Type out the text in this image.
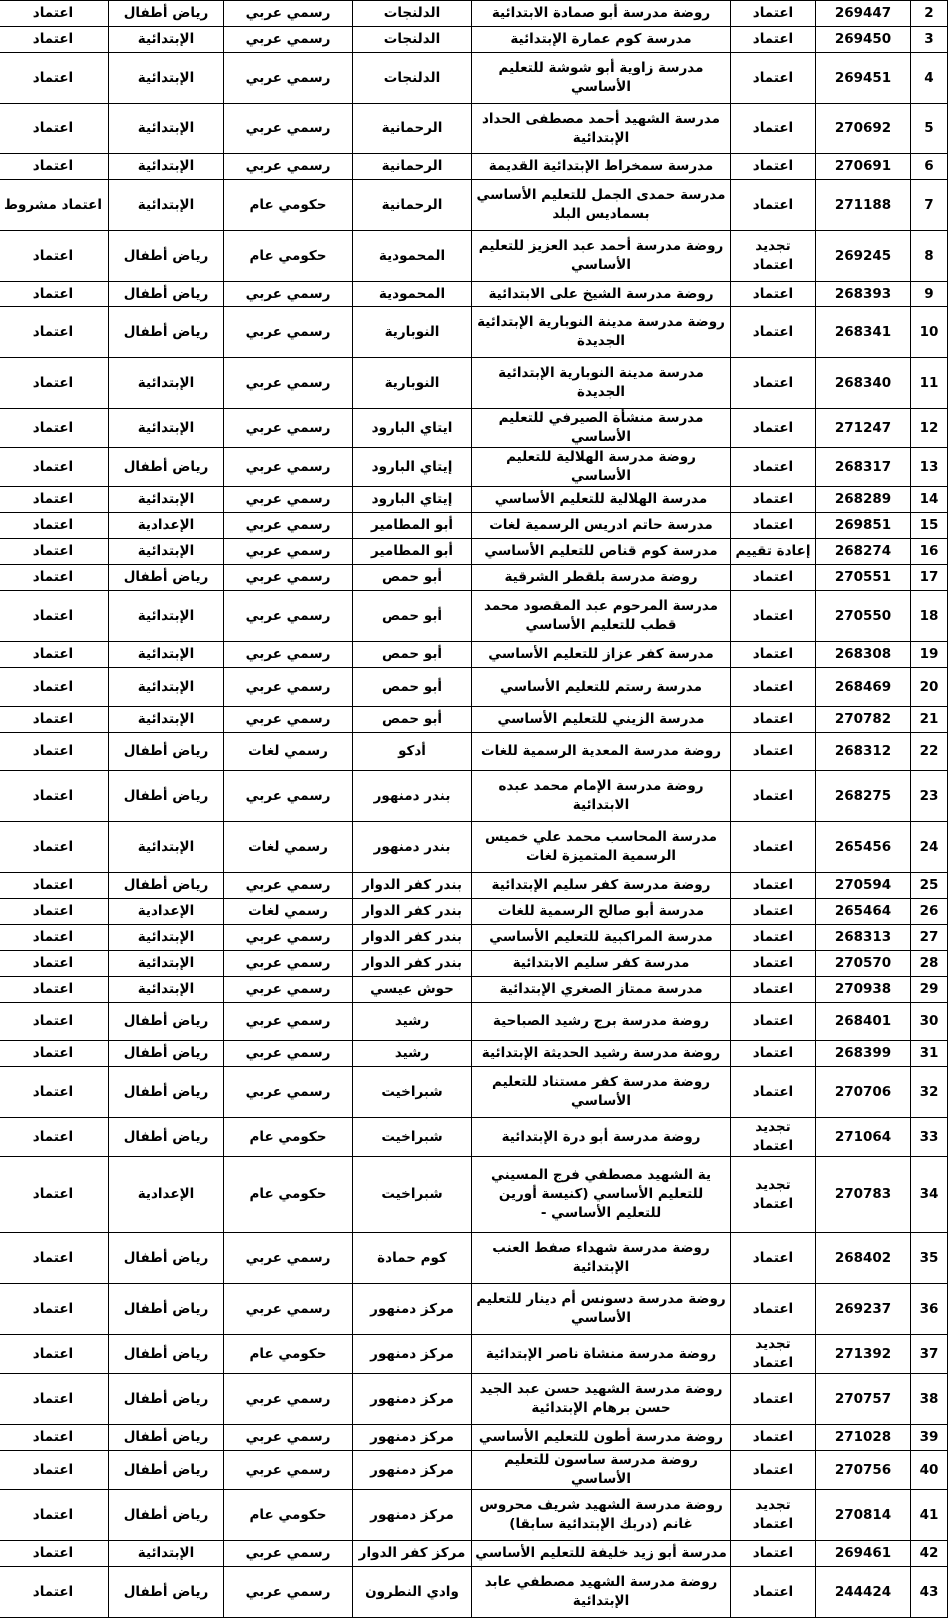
2	269447	اعتماد	روضة مدرسة أبو صمادة الابتدائية	الدلنجات	رسمي عربي	رياض أطفال	اعتماد
3	269450	اعتماد	مدرسة كوم عمارة الإبتدائية	الدلنجات	رسمي عربي	الإبتدائية	اعتماد
4	269451	اعتماد	مدرسة زاوية أبو شوشة للتعليم الأساسي	الدلنجات	رسمي عربي	الإبتدائية	اعتماد
5	270692	اعتماد	مدرسة الشهيد أحمد مصطفى الحداد الإبتدائية	الرحمانية	رسمي عربي	الإبتدائية	اعتماد
6	270691	اعتماد	مدرسة سمخراط الإبتدائية القديمة	الرحمانية	رسمي عربي	الإبتدائية	اعتماد
7	271188	اعتماد	مدرسة حمدى الجمل للتعليم الأساسي بسماديس البلد	الرحمانية	حكومي عام	الإبتدائية	اعتماد مشروط
8	269245	تجديد اعتماد	روضة مدرسة أحمد عبد العزيز للتعليم الأساسي	المحمودية	حكومي عام	رياض أطفال	اعتماد
9	268393	اعتماد	روضة مدرسة الشيخ على الابتدائية	المحمودية	رسمي عربي	رياض أطفال	اعتماد
10	268341	اعتماد	روضة مدرسة مدينة النوبارية الإبتدائية الجديدة	النوبارية	رسمي عربي	رياض أطفال	اعتماد
11	268340	اعتماد	مدرسة مدينة النوبارية الإبتدائية الجديدة	النوبارية	رسمي عربي	الإبتدائية	اعتماد
12	271247	اعتماد	مدرسة منشأة الصيرفي للتعليم الأساسي	ايتاي البارود	رسمي عربي	الإبتدائية	اعتماد
13	268317	اعتماد	روضة مدرسة الهلالية للتعليم الأساسي	إيتاي البارود	رسمي عربي	رياض أطفال	اعتماد
14	268289	اعتماد	مدرسة الهلالية للتعليم الأساسي	إيتاي البارود	رسمي عربي	الإبتدائية	اعتماد
15	269851	اعتماد	مدرسة حاتم ادريس الرسمية لغات	أبو المطامير	رسمي عربي	الإعدادية	اعتماد
16	268274	إعادة تقييم	مدرسة كوم قناص للتعليم الأساسي	أبو المطامير	رسمي عربي	الإبتدائية	اعتماد
17	270551	اعتماد	روضة مدرسة بلقطر الشرقية	أبو حمص	رسمي عربي	رياض أطفال	اعتماد
18	270550	اعتماد	مدرسة المرحوم عبد المقصود محمد قطب للتعليم الأساسي	أبو حمص	رسمي عربي	الإبتدائية	اعتماد
19	268308	اعتماد	مدرسة كفر عزاز للتعليم الأساسي	أبو حمص	رسمي عربي	الإبتدائية	اعتماد
20	268469	اعتماد	مدرسة رستم للتعليم الأساسي	أبو حمص	رسمي عربي	الإبتدائية	اعتماد
21	270782	اعتماد	مدرسة الزيني للتعليم الأساسي	أبو حمص	رسمي عربي	الإبتدائية	اعتماد
22	268312	اعتماد	روضة مدرسة المعدية الرسمية للغات	أدكو	رسمي لغات	رياض أطفال	اعتماد
23	268275	اعتماد	روضة مدرسة الإمام محمد عبده الابتدائية	بندر دمنهور	رسمي عربي	رياض أطفال	اعتماد
24	265456	اعتماد	مدرسة المحاسب محمد علي خميس الرسمية المتميزة لغات	بندر دمنهور	رسمي لغات	الإبتدائية	اعتماد
25	270594	اعتماد	روضة مدرسة كفر سليم الإبتدائية	بندر كفر الدوار	رسمي عربي	رياض أطفال	اعتماد
26	265464	اعتماد	مدرسة أبو صالح الرسمية للغات	بندر كفر الدوار	رسمي لغات	الإعدادية	اعتماد
27	268313	اعتماد	مدرسة المراكبية للتعليم الأساسي	بندر كفر الدوار	رسمي عربي	الإبتدائية	اعتماد
28	270570	اعتماد	مدرسة كفر سليم الابتدائية	بندر كفر الدوار	رسمي عربي	الإبتدائية	اعتماد
29	270938	اعتماد	مدرسة ممتاز الصغري الإبتدائية	حوش عيسي	رسمي عربي	الإبتدائية	اعتماد
30	268401	اعتماد	روضة مدرسة برج رشيد الصباحية	رشيد	رسمي عربي	رياض أطفال	اعتماد
31	268399	اعتماد	روضة مدرسة رشيد الحديثة الإبتدائية	رشيد	رسمي عربي	رياض أطفال	اعتماد
32	270706	اعتماد	روضة مدرسة كفر مستناد للتعليم الأساسي	شبراخيت	رسمي عربي	رياض أطفال	اعتماد
33	271064	تجديد اعتماد	روضة مدرسة أبو درة الإبتدائية	شبراخيت	حكومي عام	رياض أطفال	اعتماد
34	270783	تجديد اعتماد	ية الشهيد مصطفي فرج المسيني للتعليم الأساسي (كنيسة أورين للتعليم الأساسي -	شبراخيت	حكومي عام	الإعدادية	اعتماد
35	268402	اعتماد	روضة مدرسة شهداء صفط العنب الإبتدائية	كوم حمادة	رسمي عربي	رياض أطفال	اعتماد
36	269237	اعتماد	روضة مدرسة دسونس أم دينار للتعليم الأساسي	مركز دمنهور	رسمي عربي	رياض أطفال	اعتماد
37	271392	تجديد اعتماد	روضة مدرسة منشاة ناصر الإبتدائية	مركز دمنهور	حكومي عام	رياض أطفال	اعتماد
38	270757	اعتماد	روضة مدرسة الشهيد حسن عبد الجيد حسن برهام الإبتدائية	مركز دمنهور	رسمي عربي	رياض أطفال	اعتماد
39	271028	اعتماد	روضة مدرسة أطون للتعليم الأساسي	مركز دمنهور	رسمي عربي	رياض أطفال	اعتماد
40	270756	اعتماد	روضة مدرسة ساسون للتعليم الأساسي	مركز دمنهور	رسمي عربي	رياض أطفال	اعتماد
41	270814	تجديد اعتماد	روضة مدرسة الشهيد شريف محروس غانم (دربك الإبتدائية سابقا)	مركز دمنهور	حكومي عام	رياض أطفال	اعتماد
42	269461	اعتماد	مدرسة أبو زيد خليفة للتعليم الأساسي	مركز كفر الدوار	رسمي عربي	الإبتدائية	اعتماد
43	244424	اعتماد	روضة مدرسة الشهيد مصطفي عابد الإبتدائية	وادي النطرون	رسمي عربي	رياض أطفال	اعتماد
